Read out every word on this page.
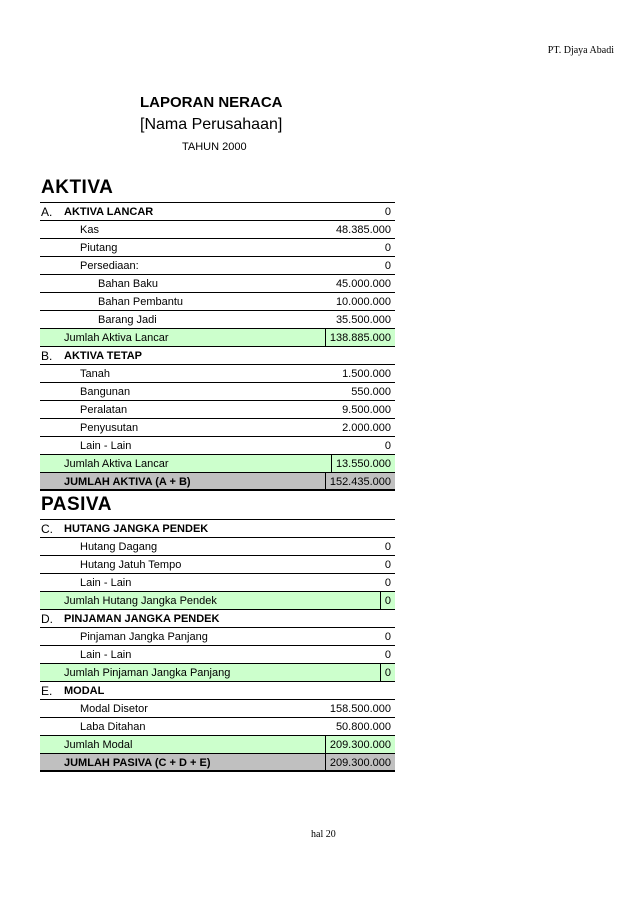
PT. Djaya Abadi
LAPORAN NERACA
[Nama Perusahaan]
TAHUN 2000
AKTIVA
A. AKTIVA LANCAR	0
Kas	48.385.000
Piutang	0
Persediaan:	0
Bahan Baku	45.000.000
Bahan Pembantu	10.000.000
Barang Jadi	35.500.000
Jumlah Aktiva Lancar	138.885.000
B. AKTIVA TETAP
Tanah	1.500.000
Bangunan	550.000
Peralatan	9.500.000
Penyusutan	2.000.000
Lain - Lain	0
Jumlah Aktiva Lancar	13.550.000
JUMLAH AKTIVA (A + B)	152.435.000
PASIVA
C. HUTANG JANGKA PENDEK
Hutang Dagang	0
Hutang Jatuh Tempo	0
Lain - Lain	0
Jumlah Hutang Jangka Pendek	0
D. PINJAMAN JANGKA PENDEK
Pinjaman Jangka Panjang	0
Lain - Lain	0
Jumlah Pinjaman Jangka Panjang	0
E. MODAL
Modal Disetor	158.500.000
Laba Ditahan	50.800.000
Jumlah Modal	209.300.000
JUMLAH PASIVA (C + D + E)	209.300.000
hal 20
